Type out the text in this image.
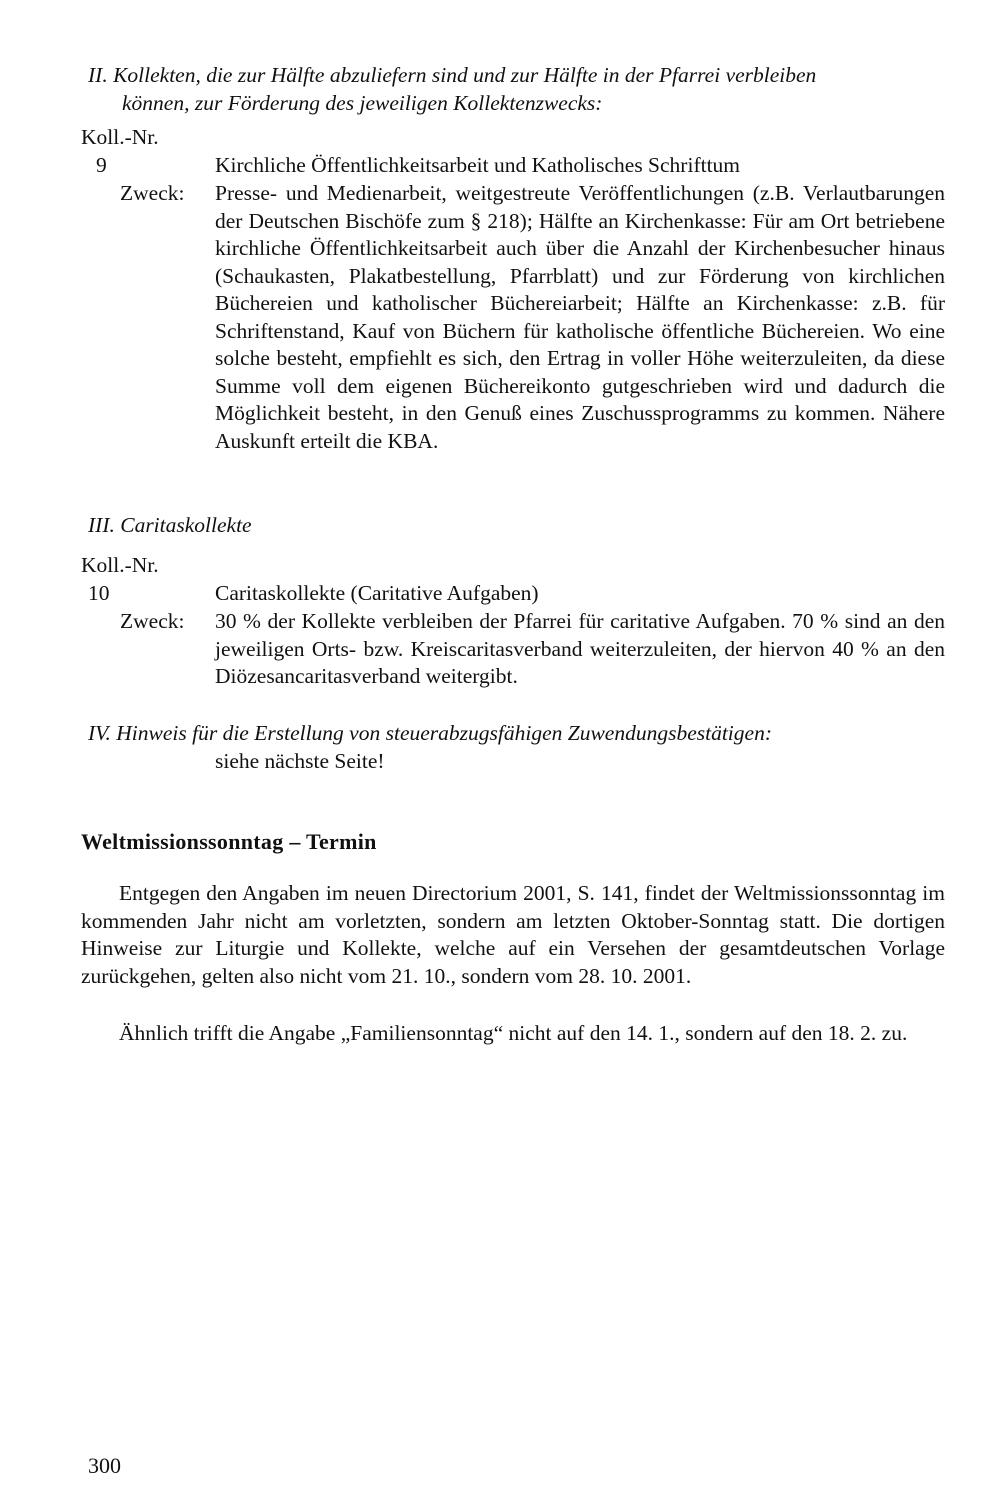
II. Kollekten, die zur Hälfte abzuliefern sind und zur Hälfte in der Pfarrei verbleiben
können, zur Förderung des jeweiligen Kollektenzwecks:
Koll.-Nr.
9	Kirchliche Öffentlichkeitsarbeit und Katholisches Schrifttum
Zweck: Presse- und Medienarbeit, weitgestreute Veröffentlichungen (z.B. Verlautbarungen der Deutschen Bischöfe zum § 218); Hälfte an Kirchenkasse: Für am Ort betriebene kirchliche Öffentlichkeitsarbeit auch über die Anzahl der Kirchenbesucher hinaus (Schaukasten, Plakatbestellung, Pfarrblatt) und zur Förderung von kirchlichen Büchereien und katholischer Büchereiarbeit; Hälfte an Kirchenkasse: z.B. für Schriftenstand, Kauf von Büchern für katholische öffentliche Büchereien. Wo eine solche besteht, empfiehlt es sich, den Ertrag in voller Höhe weiterzuleiten, da diese Summe voll dem eigenen Büchereikonto gutgeschrieben wird und dadurch die Möglichkeit besteht, in den Genuß eines Zuschussprogramms zu kommen. Nähere Auskunft erteilt die KBA.
III. Caritaskollekte
Koll.-Nr.
10	Caritaskollekte (Caritative Aufgaben)
Zweck: 30 % der Kollekte verbleiben der Pfarrei für caritative Aufgaben. 70 % sind an den jeweiligen Orts- bzw. Kreiscaritasverband weiterzuleiten, der hiervon 40 % an den Diözesancaritasverband weitergibt.
IV. Hinweis für die Erstellung von steuerabzugsfähigen Zuwendungsbestätigen:
siehe nächste Seite!
Weltmissionssonntag – Termin
Entgegen den Angaben im neuen Directorium 2001, S. 141, findet der Weltmissionssonntag im kommenden Jahr nicht am vorletzten, sondern am letzten Oktober-Sonntag statt. Die dortigen Hinweise zur Liturgie und Kollekte, welche auf ein Versehen der gesamtdeutschen Vorlage zurückgehen, gelten also nicht vom 21. 10., sondern vom 28. 10. 2001.
Ähnlich trifft die Angabe „Familiensonntag“ nicht auf den 14. 1., sondern auf den 18. 2. zu.
300
